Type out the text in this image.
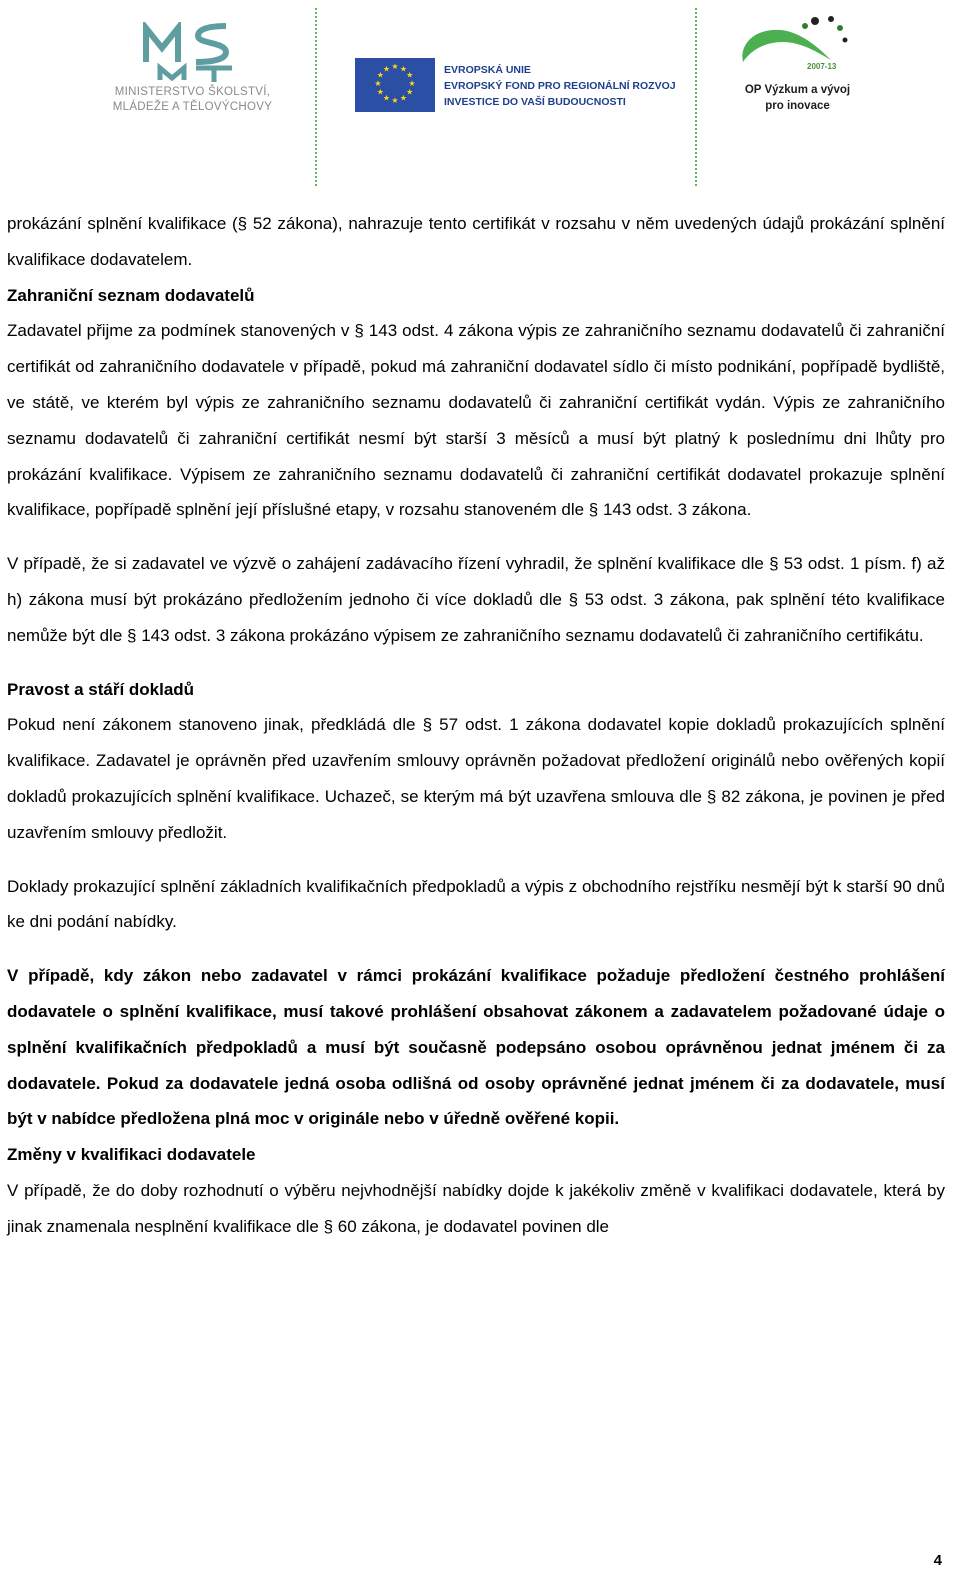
MINISTERSTVO ŠKOLSTVÍ,
MLÁDEŽE A TĚLOVÝCHOVY
★ ★
★
★
★
★
★
★
★
★
★
★	EVROPSKÁ UNIE
EVROPSKÝ FOND PRO REGIONÁLNÍ ROZVOJ
INVESTICE DO VAŠÍ BUDOUCNOSTI
2007-13
OP Výzkum a vývoj
pro inovace

prokázání splnění kvalifikace (§ 52 zákona), nahrazuje tento certifikát v rozsahu v něm uvedených údajů prokázání splnění kvalifikace dodavatelem.

Zahraniční seznam dodavatelů

Zadavatel přijme za podmínek stanovených v § 143 odst. 4 zákona výpis ze zahraničního seznamu dodavatelů či zahraniční certifikát od zahraničního dodavatele v případě, pokud má zahraniční dodavatel sídlo či místo podnikání, popřípadě bydliště, ve státě, ve kterém byl výpis ze zahraničního seznamu dodavatelů či zahraniční certifikát vydán. Výpis ze zahraničního seznamu dodavatelů či zahraniční certifikát nesmí být starší 3 měsíců a musí být platný k poslednímu dni lhůty pro prokázání kvalifikace. Výpisem ze zahraničního seznamu dodavatelů či zahraniční certifikát dodavatel prokazuje splnění kvalifikace, popřípadě splnění její příslušné etapy, v rozsahu stanoveném dle § 143 odst. 3 zákona.

V případě, že si zadavatel ve výzvě o zahájení zadávacího řízení vyhradil, že splnění kvalifikace dle § 53 odst. 1 písm. f) až h) zákona musí být prokázáno předložením jednoho či více dokladů dle § 53 odst. 3 zákona, pak splnění této kvalifikace nemůže být dle § 143 odst. 3 zákona prokázáno výpisem ze zahraničního seznamu dodavatelů či zahraničního certifikátu.

Pravost a stáří dokladů

Pokud není zákonem stanoveno jinak, předkládá dle § 57 odst. 1 zákona dodavatel kopie dokladů prokazujících splnění kvalifikace. Zadavatel je oprávněn před uzavřením smlouvy oprávněn požadovat předložení originálů nebo ověřených kopií dokladů prokazujících splnění kvalifikace. Uchazeč, se kterým má být uzavřena smlouva dle § 82 zákona, je povinen je před uzavřením smlouvy předložit.

Doklady prokazující splnění základních kvalifikačních předpokladů a výpis z obchodního rejstříku nesmějí být k starší 90 dnů ke dni podání nabídky.

V případě, kdy zákon nebo zadavatel v rámci prokázání kvalifikace požaduje předložení čestného prohlášení dodavatele o splnění kvalifikace, musí takové prohlášení obsahovat zákonem a zadavatelem požadované údaje o splnění kvalifikačních předpokladů a musí být současně podepsáno osobou oprávněnou jednat jménem či za dodavatele. Pokud za dodavatele jedná osoba odlišná od osoby oprávněné jednat jménem či za dodavatele, musí být v nabídce předložena plná moc v originále nebo v úředně ověřené kopii.

Změny v kvalifikaci dodavatele

V případě, že do doby rozhodnutí o výběru nejvhodnější nabídky dojde k jakékoliv změně v kvalifikaci dodavatele, která by jinak znamenala nesplnění kvalifikace dle § 60 zákona, je dodavatel povinen dle

4
